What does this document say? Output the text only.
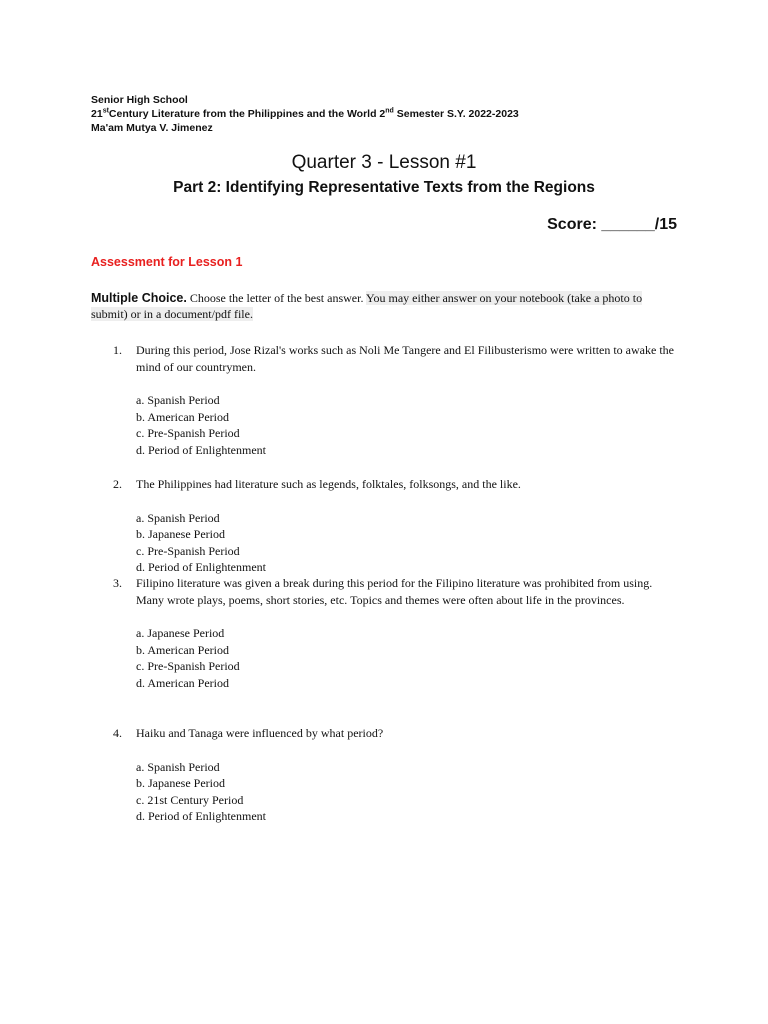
Senior High School
21stCentury Literature from the Philippines and the World 2nd Semester S.Y. 2022-2023
Ma'am Mutya V. Jimenez
Quarter 3 - Lesson #1
Part 2: Identifying Representative Texts from the Regions
Score: ______/15
Assessment for Lesson 1
Multiple Choice. Choose the letter of the best answer. You may either answer on your notebook (take a photo to submit) or in a document/pdf file.
1. During this period, Jose Rizal's works such as Noli Me Tangere and El Filibusterismo were written to awake the mind of our countrymen.
a. Spanish Period
b. American Period
c. Pre-Spanish Period
d. Period of Enlightenment
2. The Philippines had literature such as legends, folktales, folksongs, and the like.
a. Spanish Period
b. Japanese Period
c. Pre-Spanish Period
d. Period of Enlightenment
3. Filipino literature was given a break during this period for the Filipino literature was prohibited from using. Many wrote plays, poems, short stories, etc. Topics and themes were often about life in the provinces.
a. Japanese Period
b. American Period
c. Pre-Spanish Period
d. American Period
4. Haiku and Tanaga were influenced by what period?
a. Spanish Period
b. Japanese Period
c. 21st Century Period
d. Period of Enlightenment
